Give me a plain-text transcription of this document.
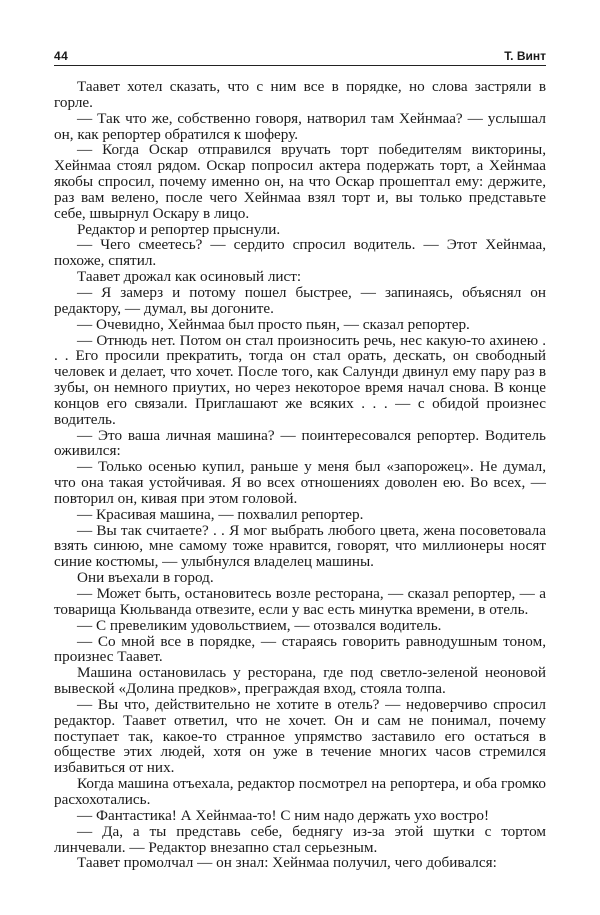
44	Т. Винт

Таавет хотел сказать, что с ним все в порядке, но слова застряли в горле.

— Так что же, собственно говоря, натворил там Хейнмаа? — услышал он, как репортер обратился к шоферу.

— Когда Оскар отправился вручать торт победителям викторины, Хейнмаа стоял рядом. Оскар попросил актера подержать торт, а Хейнмаа якобы спросил, почему именно он, на что Оскар прошептал ему: держите, раз вам велено, после чего Хейнмаа взял торт и, вы только представьте себе, швырнул Оскару в лицо.

Редактор и репортер прыснули.

— Чего смеетесь? — сердито спросил водитель. — Этот Хейнмаа, похоже, спятил.

Таавет дрожал как осиновый лист:

— Я замерз и потому пошел быстрее, — запинаясь, объяснял он редактору, — думал, вы догоните.

— Очевидно, Хейнмаа был просто пьян, — сказал репортер.

— Отнюдь нет. Потом он стал произносить речь, нес какую-то ахинею . . . Его просили прекратить, тогда он стал орать, дескать, он свободный человек и делает, что хочет. После того, как Салунди двинул ему пару раз в зубы, он немного приутих, но через некоторое время начал снова. В конце концов его связали. Приглашают же всяких . . . — с обидой произнес водитель.

— Это ваша личная машина? — поинтересовался репортер. Водитель оживился:

— Только осенью купил, раньше у меня был «запорожец». Не думал, что она такая устойчивая. Я во всех отношениях доволен ею. Во всех, — повторил он, кивая при этом головой.

— Красивая машина, — похвалил репортер.

— Вы так считаете? . . Я мог выбрать любого цвета, жена посоветовала взять синюю, мне самому тоже нравится, говорят, что миллионеры носят синие костюмы, — улыбнулся владелец машины.

Они въехали в город.

— Может быть, остановитесь возле ресторана, — сказал репортер, — а товарища Кюльванда отвезите, если у вас есть минутка времени, в отель.

— С превеликим удовольствием, — отозвался водитель.

— Со мной все в порядке, — стараясь говорить равнодушным тоном, произнес Таавет.

Машина остановилась у ресторана, где под светло-зеленой неоновой вывеской «Долина предков», преграждая вход, стояла толпа.

— Вы что, действительно не хотите в отель? — недоверчиво спросил редактор. Таавет ответил, что не хочет. Он и сам не понимал, почему поступает так, какое-то странное упрямство заставило его остаться в обществе этих людей, хотя он уже в течение многих часов стремился избавиться от них.

Когда машина отъехала, редактор посмотрел на репортера, и оба громко расхохотались.

— Фантастика! А Хейнмаа-то! С ним надо держать ухо востро!

— Да, а ты представь себе, беднягу из-за этой шутки с тортом линчевали. — Редактор внезапно стал серьезным.

Таавет промолчал — он знал: Хейнмаа получил, чего добивался:
